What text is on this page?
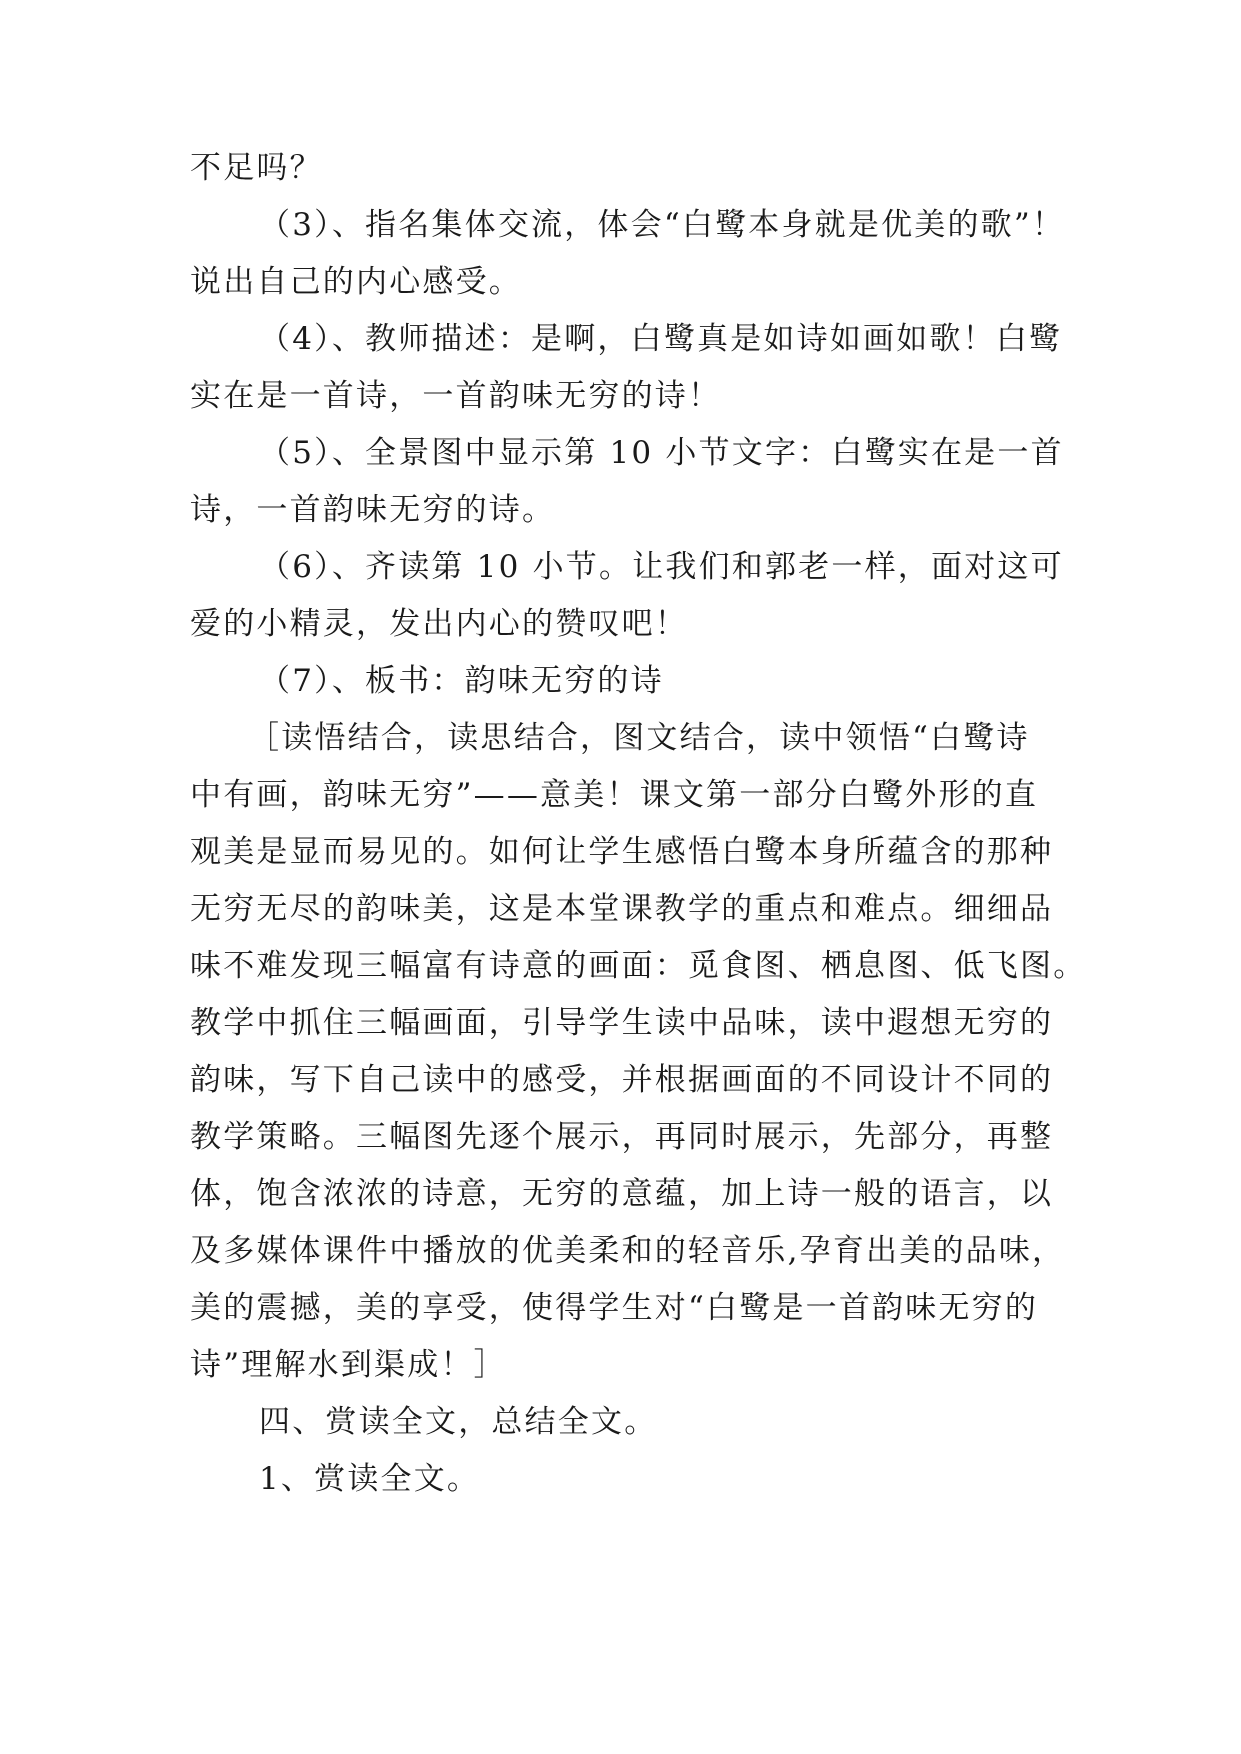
不足吗？
（3）、指名集体交流，体会“白鹭本身就是优美的歌”！
说出自己的内心感受。
（4）、教师描述：是啊，白鹭真是如诗如画如歌！白鹭
实在是一首诗，一首韵味无穷的诗！
（5）、全景图中显示第 10 小节文字：白鹭实在是一首
诗，一首韵味无穷的诗。
（6）、齐读第 10 小节。让我们和郭老一样，面对这可
爱的小精灵，发出内心的赞叹吧！
（7）、板书：韵味无穷的诗
［读悟结合，读思结合，图文结合，读中领悟“白鹭诗
中有画，韵味无穷”——意美！课文第一部分白鹭外形的直
观美是显而易见的。如何让学生感悟白鹭本身所蕴含的那种
无穷无尽的韵味美，这是本堂课教学的重点和难点。细细品
味不难发现三幅富有诗意的画面：觅食图、栖息图、低飞图。
教学中抓住三幅画面，引导学生读中品味，读中遐想无穷的
韵味，写下自己读中的感受，并根据画面的不同设计不同的
教学策略。三幅图先逐个展示，再同时展示，先部分，再整
体，饱含浓浓的诗意，无穷的意蕴，加上诗一般的语言，以
及多媒体课件中播放的优美柔和的轻音乐,孕育出美的品味，
美的震撼，美的享受，使得学生对“白鹭是一首韵味无穷的
诗”理解水到渠成！］
四、赏读全文，总结全文。
1、赏读全文。
